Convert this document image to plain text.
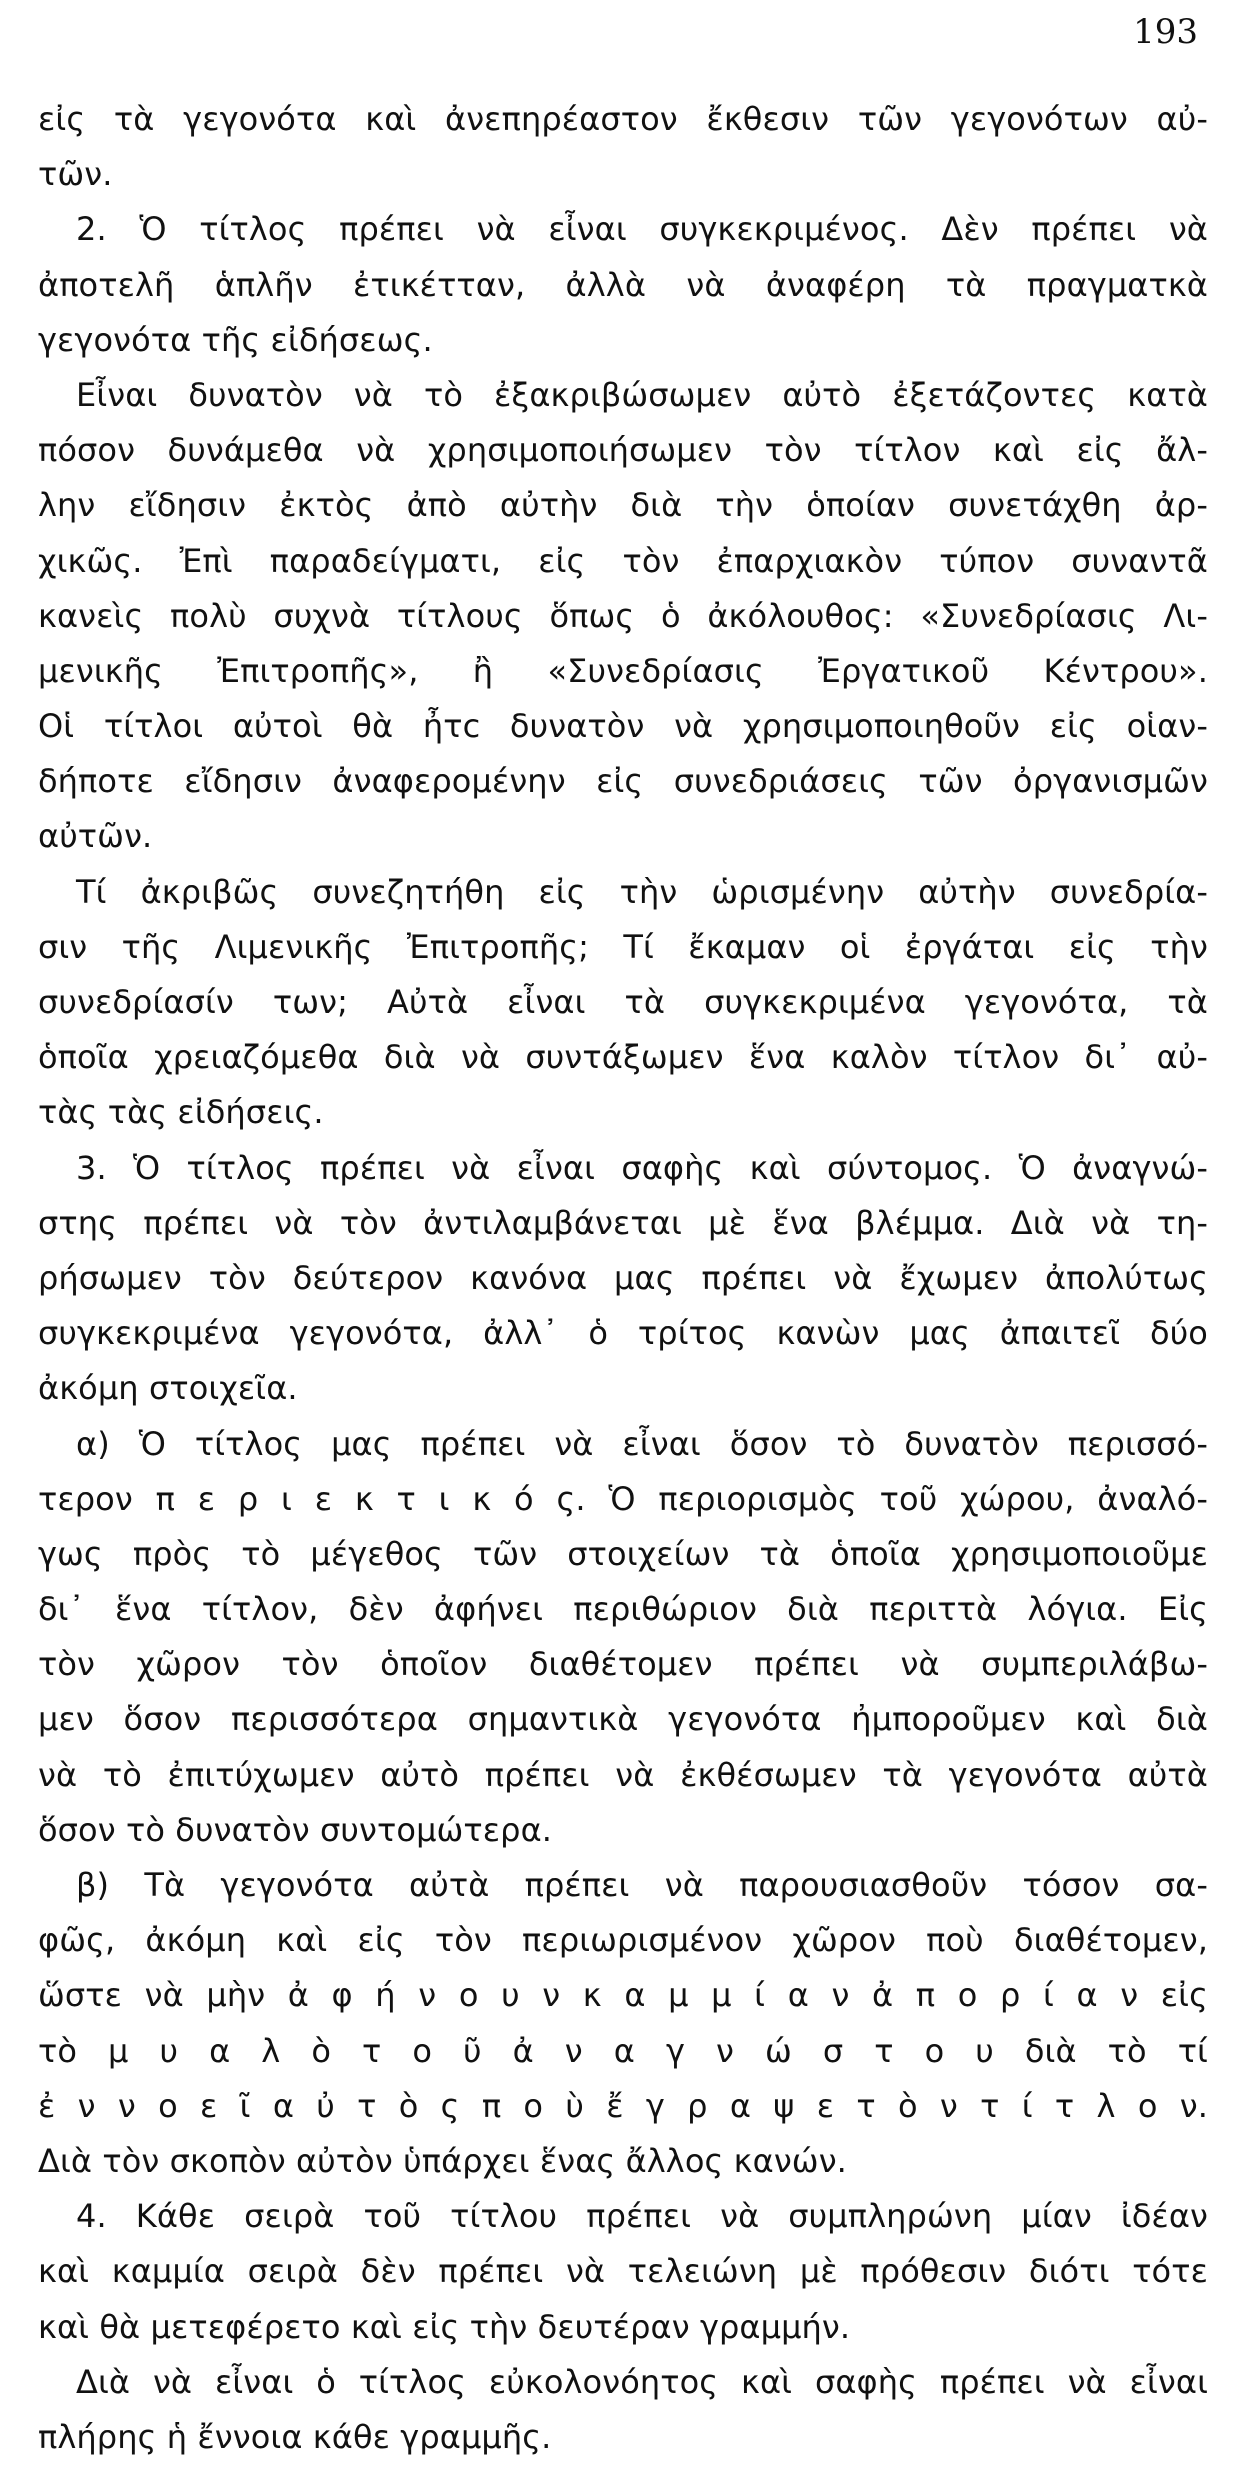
193

εἰς τὰ γεγονότα καὶ ἀνεπηρέαστον ἔκθεσιν τῶν γεγονότων αὐ-
τῶν.
2. Ὁ τίτλος πρέπει νὰ εἶναι συγκεκριμένος. Δὲν πρέπει νὰ
ἀποτελῆ ἁπλῆν ἐτικέτταν, ἀλλὰ νὰ ἀναφέρη τὰ πραγματκὰ
γεγονότα τῆς εἰδήσεως.
Εἶναι δυνατὸν νὰ τὸ ἐξακριβώσωμεν αὐτὸ ἐξετάζοντες κατὰ
πόσον δυνάμεθα νὰ χρησιμοποιήσωμεν τὸν τίτλον καὶ εἰς ἄλ-
λην εἴδησιν ἐκτὸς ἀπὸ αὐτὴν διὰ τὴν ὁποίαν συνετάχθη ἀρ-
χικῶς. Ἐπὶ παραδείγματι, εἰς τὸν ἐπαρχιακὸν τύπον συναντᾶ
κανεὶς πολὺ συχνὰ τίτλους ὅπως ὁ ἀκόλουθος: «Συνεδρίασις Λι-
μενικῆς Ἐπιτροπῆς», ἢ «Συνεδρίασις Ἐργατικοῦ Κέντρου».
Οἱ τίτλοι αὐτοὶ θὰ ἦτc δυνατὸν νὰ χρησιμοποιηθοῦν εἰς οἱαν-
δήποτε εἴδησιν ἀναφερομένην εἰς συνεδριάσεις τῶν ὀργανισμῶν
αὐτῶν.
Τί ἀκριβῶς συνεζητήθη εἰς τὴν ὡρισμένην αὐτὴν συνεδρία-
σιν τῆς Λιμενικῆς Ἐπιτροπῆς; Τί ἔκαμαν οἱ ἐργάται εἰς τὴν
συνεδρίασίν των; Αὐτὰ εἶναι τὰ συγκεκριμένα γεγονότα, τὰ
ὁποῖα χρειαζόμεθα διὰ νὰ συντάξωμεν ἕνα καλὸν τίτλον δι᾽ αὐ-
τὰς τὰς εἰδήσεις.
3. Ὁ τίτλος πρέπει νὰ εἶναι σαφὴς καὶ σύντομος. Ὁ ἀναγνώ-
στης πρέπει νὰ τὸν ἀντιλαμβάνεται μὲ ἕνα βλέμμα. Διὰ νὰ τη-
ρήσωμεν τὸν δεύτερον κανόνα μας πρέπει νὰ ἔχωμεν ἀπολύτως
συγκεκριμένα γεγονότα, ἀλλ᾽ ὁ τρίτος κανὼν μας ἀπαιτεῖ δύο
ἀκόμη στοιχεῖα.
α) Ὁ τίτλος μας πρέπει νὰ εἶναι ὅσον τὸ δυνατὸν περισσό-
τερον π ε ρ ι ε κ τ ι κ ό ς. Ὁ περιορισμὸς τοῦ χώρου, ἀναλό-
γως πρὸς τὸ μέγεθος τῶν στοιχείων τὰ ὁποῖα χρησιμοποιοῦμε
δι᾽ ἕνα τίτλον, δὲν ἀφήνει περιθώριον διὰ περιττὰ λόγια. Εἰς
τὸν χῶρον τὸν ὁποῖον διαθέτομεν πρέπει νὰ συμπεριλάβω-
μεν ὅσον περισσότερα σημαντικὰ γεγονότα ἠμποροῦμεν καὶ διὰ
νὰ τὸ ἐπιτύχωμεν αὐτὸ πρέπει νὰ ἐκθέσωμεν τὰ γεγονότα αὐτὰ
ὅσον τὸ δυνατὸν συντομώτερα.
β) Τὰ γεγονότα αὐτὰ πρέπει νὰ παρουσιασθοῦν τόσον σα-
φῶς, ἀκόμη καὶ εἰς τὸν περιωρισμένον χῶρον ποὺ διαθέτομεν,
ὥστε νὰ μὴν ἀ φ ή ν ο υ ν κ α μ μ ί α ν ἀ π ο ρ ί α ν εἰς
τὸ μ υ α λ ὸ τ ο ῦ ἀ ν α γ ν ώ σ τ ο υ διὰ τὸ τί
ἐ ν ν ο ε ῖ α ὐ τ ὸ ς π ο ὺ ἔ γ ρ α ψ ε τ ὸ ν τ ί τ λ ο ν.
Διὰ τὸν σκοπὸν αὐτὸν ὑπάρχει ἕνας ἄλλος κανών.
4. Κάθε σειρὰ τοῦ τίτλου πρέπει νὰ συμπληρώνη μίαν ἰδέαν
καὶ καμμία σειρὰ δὲν πρέπει νὰ τελειώνη μὲ πρόθεσιν διότι τότε
καὶ θὰ μετεφέρετο καὶ εἰς τὴν δευτέραν γραμμήν.
Διὰ νὰ εἶναι ὁ τίτλος εὐκολονόητος καὶ σαφὴς πρέπει νὰ εἶναι
πλήρης ἡ ἔννοια κάθε γραμμῆς.
